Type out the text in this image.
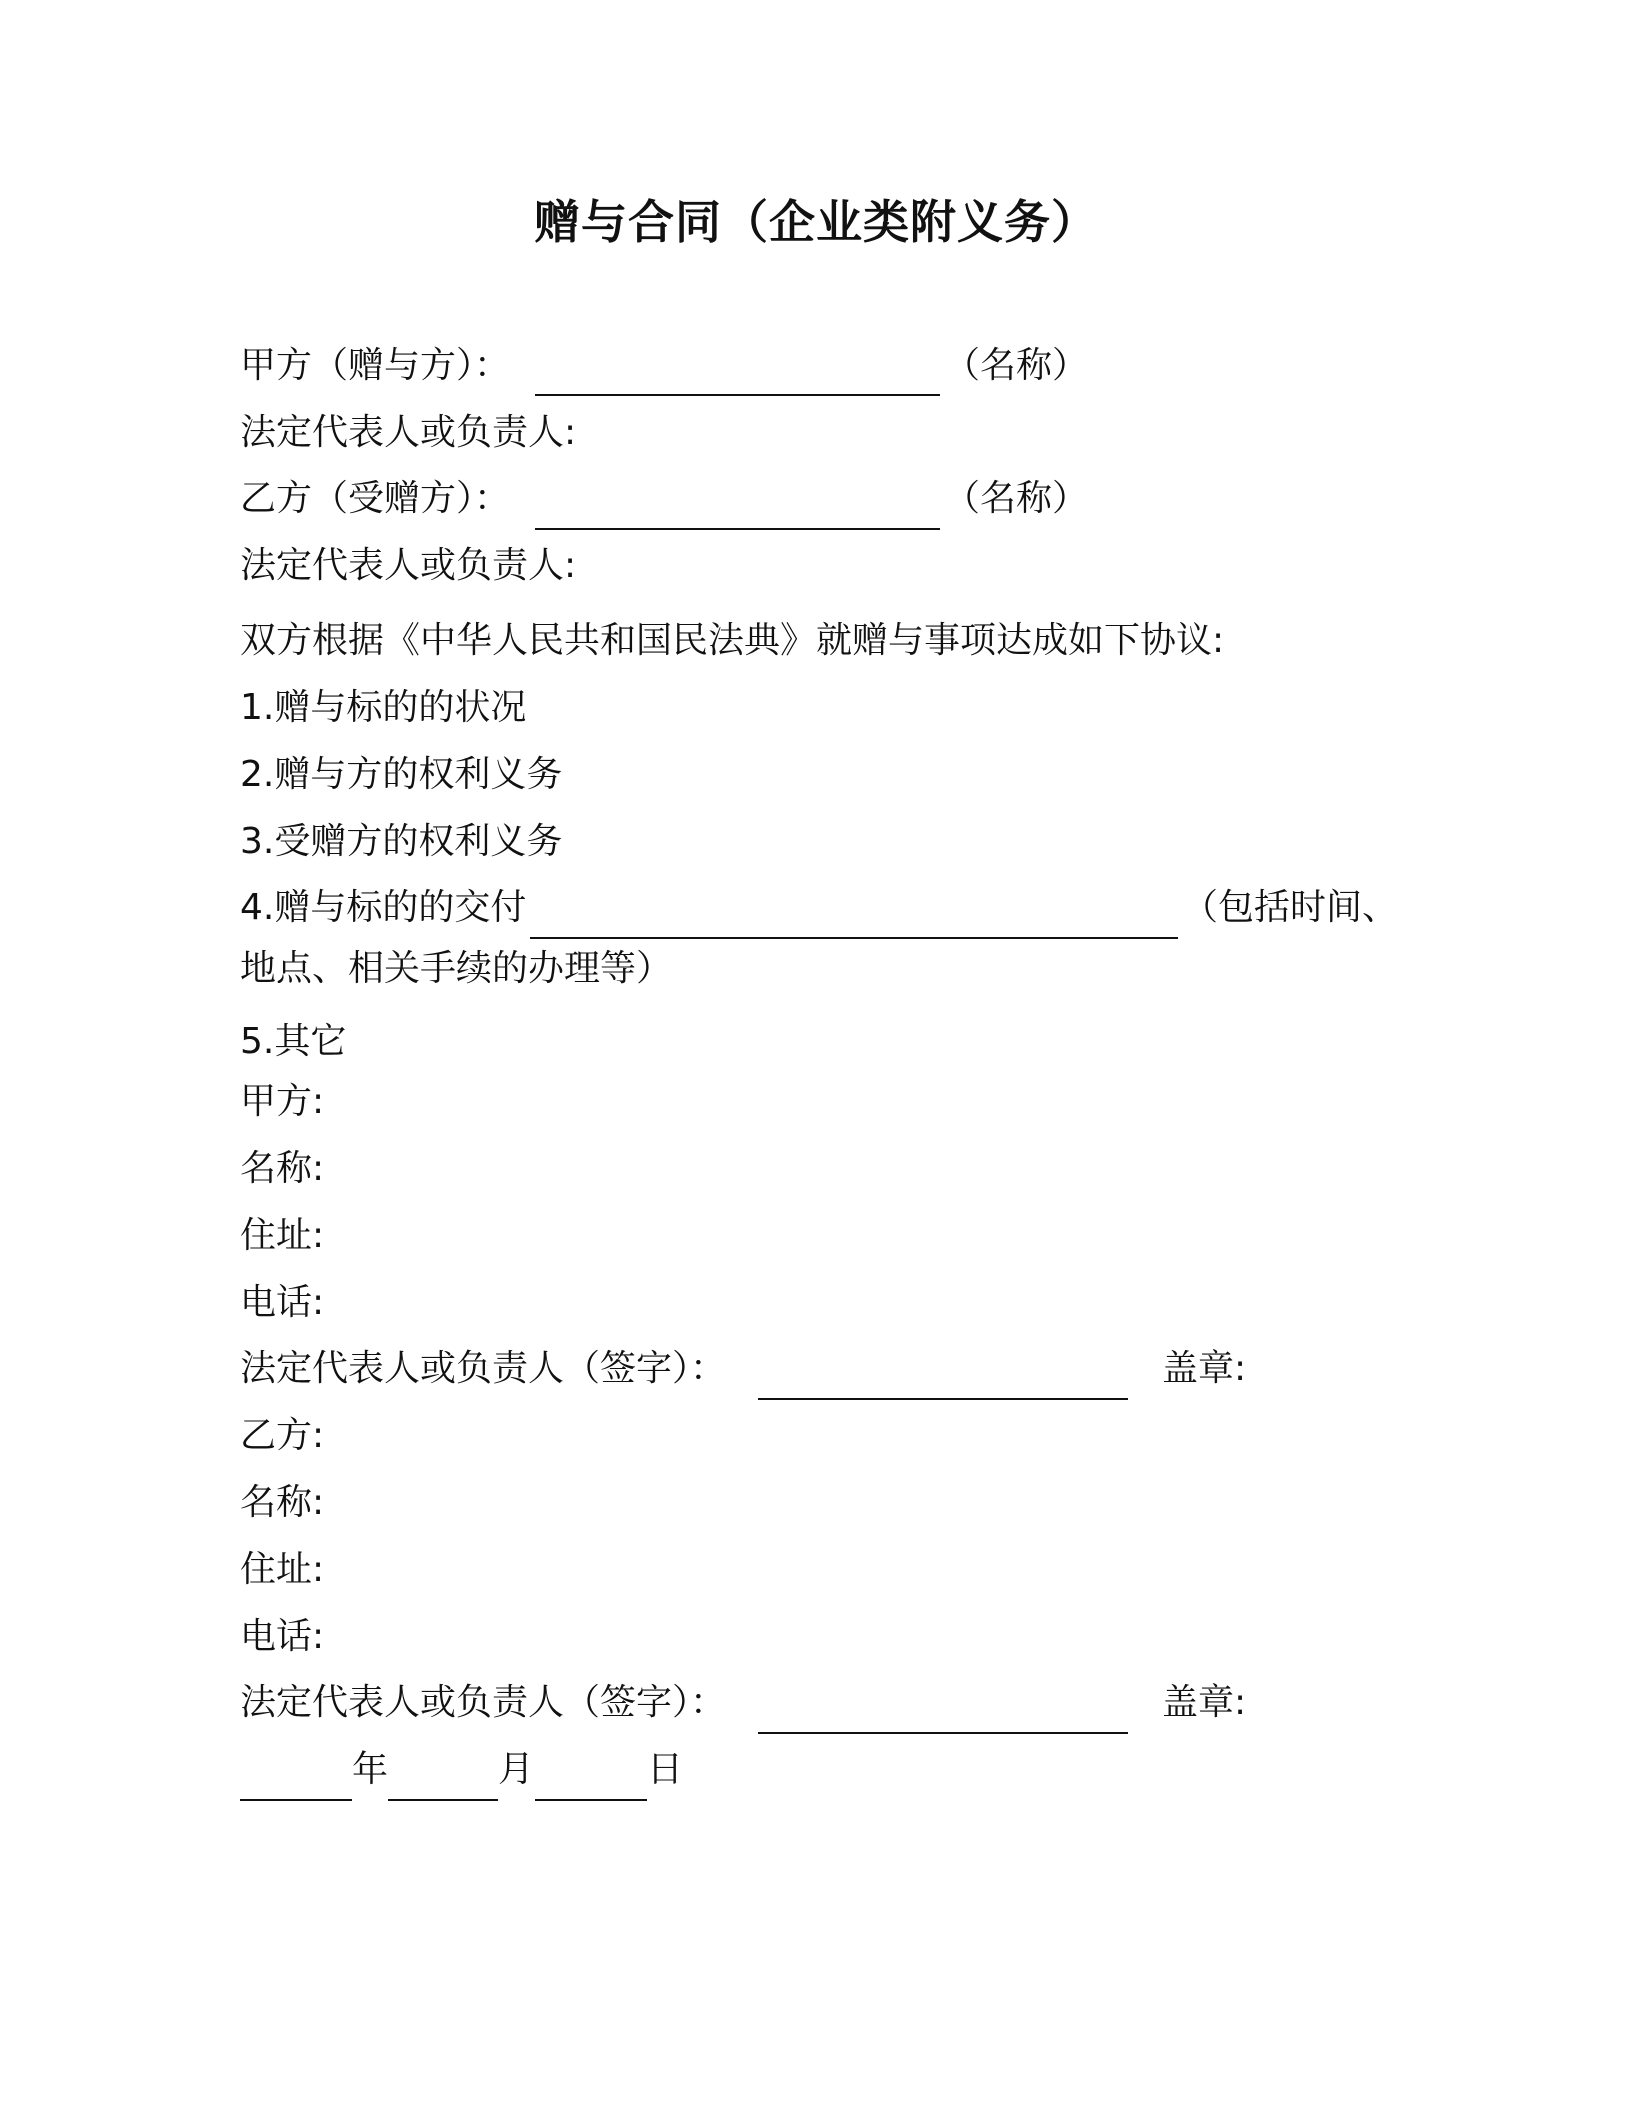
赠与合同（企业类附义务）
甲方（赠与方）：	（名称）
法定代表人或负责人:
乙方（受赠方）：	（名称）
法定代表人或负责人:
双方根据《中华人民共和国民法典》就赠与事项达成如下协议:
1.赠与标的的状况
2.赠与方的权利义务
3.受赠方的权利义务
4.赠与标的的交付	（包括时间、
地点、相关手续的办理等）
5.其它
甲方:
名称:
住址:
电话:
法定代表人或负责人（签字）：	盖章:
乙方:
名称:
住址:
电话:
法定代表人或负责人（签字）：	盖章:
年	月	日
